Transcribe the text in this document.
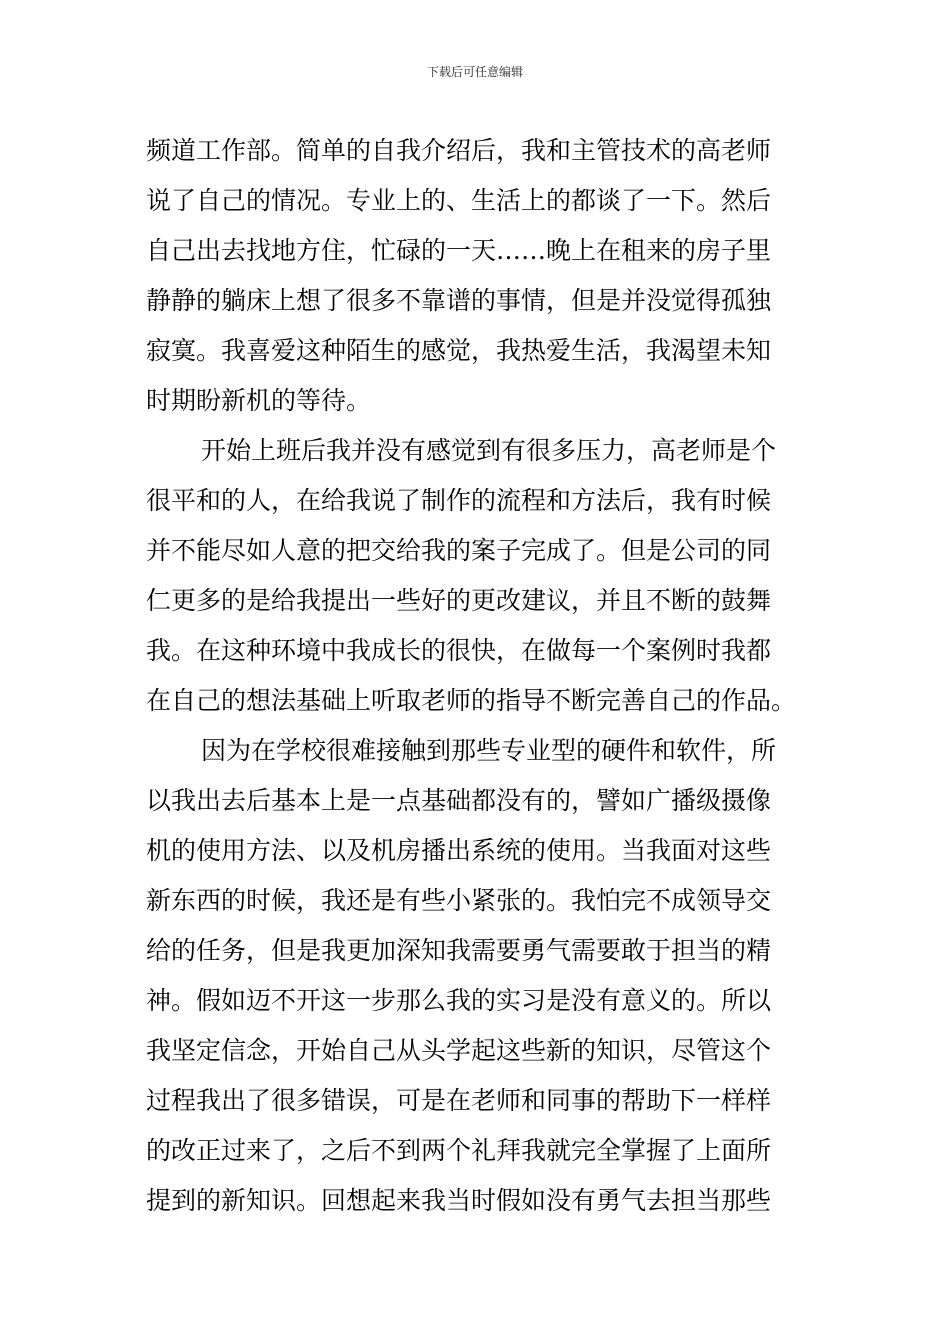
下载后可任意编辑
频道工作部。简单的自我介绍后，我和主管技术的高老师
说了自己的情况。专业上的、生活上的都谈了一下。然后
自己出去找地方住，忙碌的一天……晚上在租来的房子里
静静的躺床上想了很多不靠谱的事情，但是并没觉得孤独
寂寞。我喜爱这种陌生的感觉，我热爱生活，我渴望未知
时期盼新机的等待。
开始上班后我并没有感觉到有很多压力，高老师是个
很平和的人，在给我说了制作的流程和方法后，我有时候
并不能尽如人意的把交给我的案子完成了。但是公司的同
仁更多的是给我提出一些好的更改建议，并且不断的鼓舞
我。在这种环境中我成长的很快，在做每一个案例时我都
在自己的想法基础上听取老师的指导不断完善自己的作品。
因为在学校很难接触到那些专业型的硬件和软件，所
以我出去后基本上是一点基础都没有的，譬如广播级摄像
机的使用方法、以及机房播出系统的使用。当我面对这些
新东西的时候，我还是有些小紧张的。我怕完不成领导交
给的任务，但是我更加深知我需要勇气需要敢于担当的精
神。假如迈不开这一步那么我的实习是没有意义的。所以
我坚定信念，开始自己从头学起这些新的知识，尽管这个
过程我出了很多错误，可是在老师和同事的帮助下一样样
的改正过来了，之后不到两个礼拜我就完全掌握了上面所
提到的新知识。回想起来我当时假如没有勇气去担当那些
